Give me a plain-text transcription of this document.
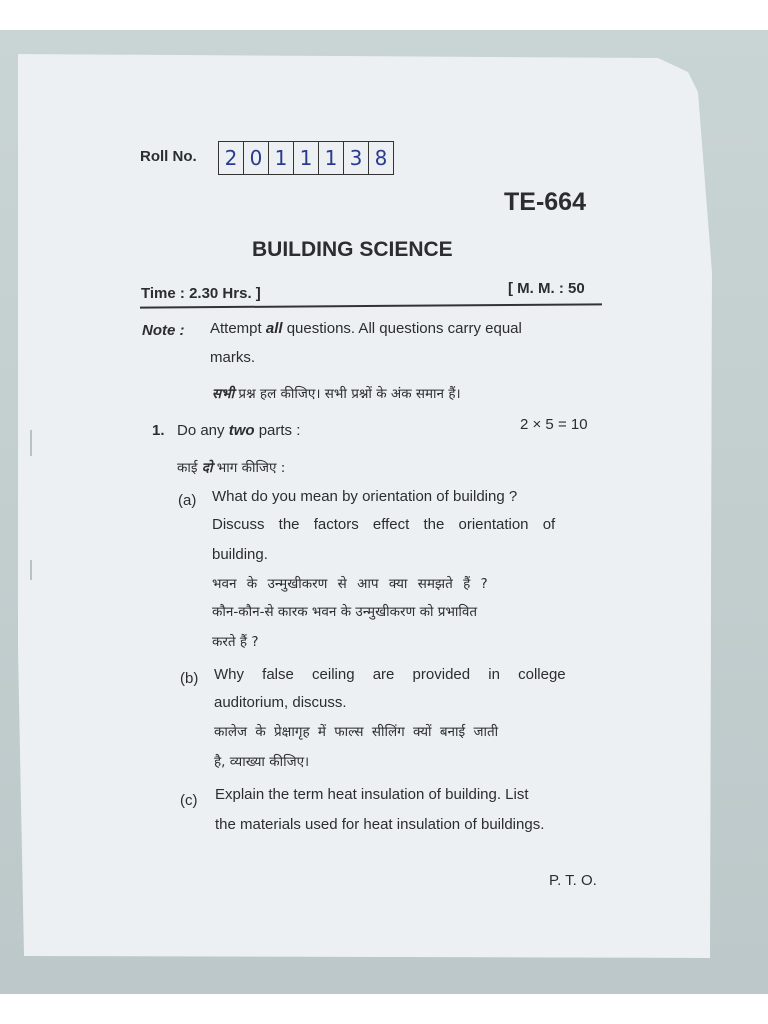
Roll No. 2 0 1 1 1 3 8
TE-664
BUILDING SCIENCE
Time : 2.30 Hrs. ]	[ M. M. : 50
Note : Attempt all questions. All questions carry equal
marks.
सभी प्रश्न हल कीजिए। सभी प्रश्नों के अंक समान हैं।
1. Do any two parts :	2 × 5 = 10
काई दो भाग कीजिए :
(a) What do you mean by orientation of building ?
Discuss the factors effect the orientation of
building.
भवन के उन्मुखीकरण से आप क्या समझते हैं ?
कौन-कौन-से कारक भवन के उन्मुखीकरण को प्रभावित
करते हैं ?
(b) Why false ceiling are provided in college
auditorium, discuss.
कालेज के प्रेक्षागृह में फाल्स सीलिंग क्यों बनाई जाती
है, व्याख्या कीजिए।
(c) Explain the term heat insulation of building. List
the materials used for heat insulation of buildings.
P. T. O.
